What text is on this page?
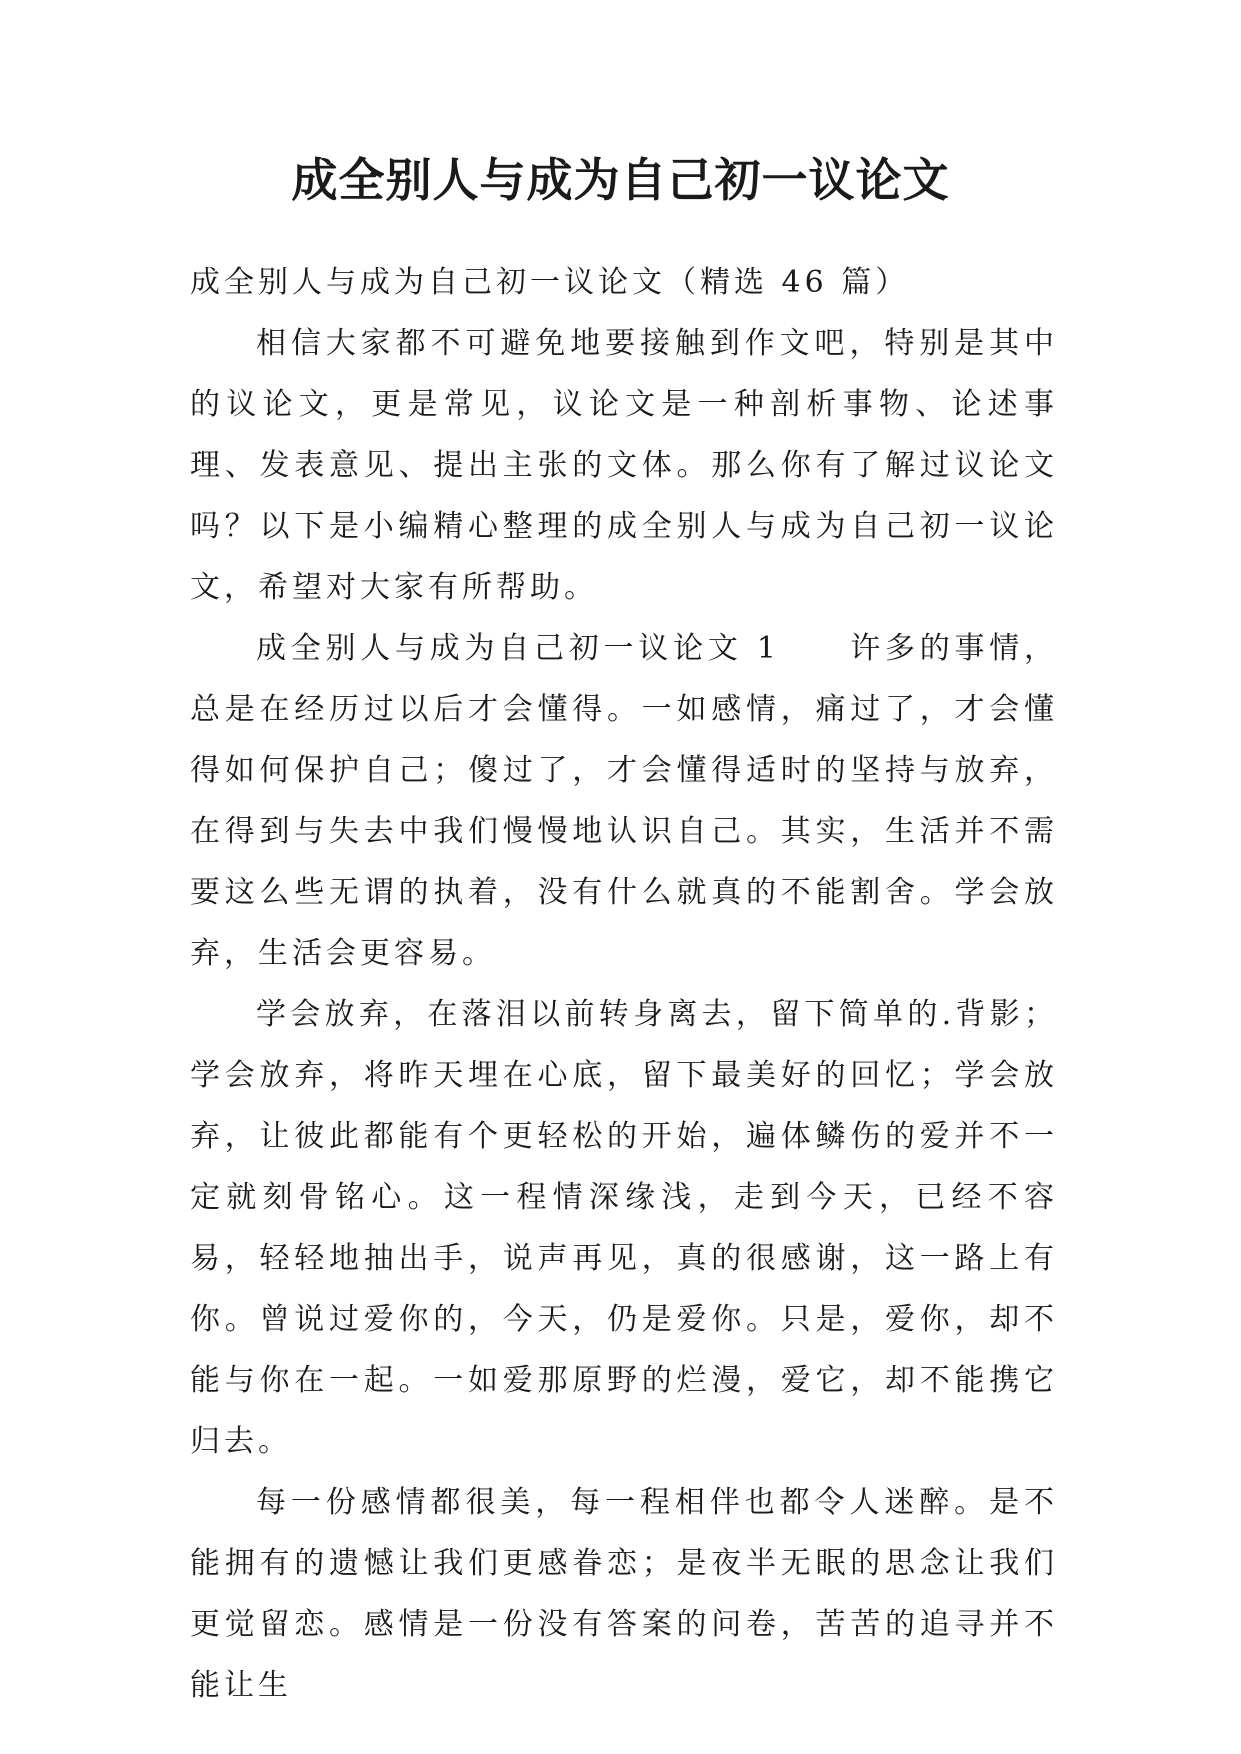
成全别人与成为自己初一议论文

成全别人与成为自己初一议论文（精选 46 篇）

相信大家都不可避免地要接触到作文吧，特别是其中的议论文，更是常见，议论文是一种剖析事物、论述事理、发表意见、提出主张的文体。那么你有了解过议论文吗？以下是小编精心整理的成全别人与成为自己初一议论文，希望对大家有所帮助。

成全别人与成为自己初一议论文 1　　许多的事情，总是在经历过以后才会懂得。一如感情，痛过了，才会懂得如何保护自己；傻过了，才会懂得适时的坚持与放弃，在得到与失去中我们慢慢地认识自己。其实，生活并不需要这么些无谓的执着，没有什么就真的不能割舍。学会放弃，生活会更容易。

学会放弃，在落泪以前转身离去，留下简单的.背影；学会放弃，将昨天埋在心底，留下最美好的回忆；学会放弃，让彼此都能有个更轻松的开始，遍体鳞伤的爱并不一定就刻骨铭心。这一程情深缘浅，走到今天，已经不容易，轻轻地抽出手，说声再见，真的很感谢，这一路上有你。曾说过爱你的，今天，仍是爱你。只是，爱你，却不能与你在一起。一如爱那原野的烂漫，爱它，却不能携它归去。

每一份感情都很美，每一程相伴也都令人迷醉。是不能拥有的遗憾让我们更感眷恋；是夜半无眠的思念让我们更觉留恋。感情是一份没有答案的问卷，苦苦的追寻并不能让生
